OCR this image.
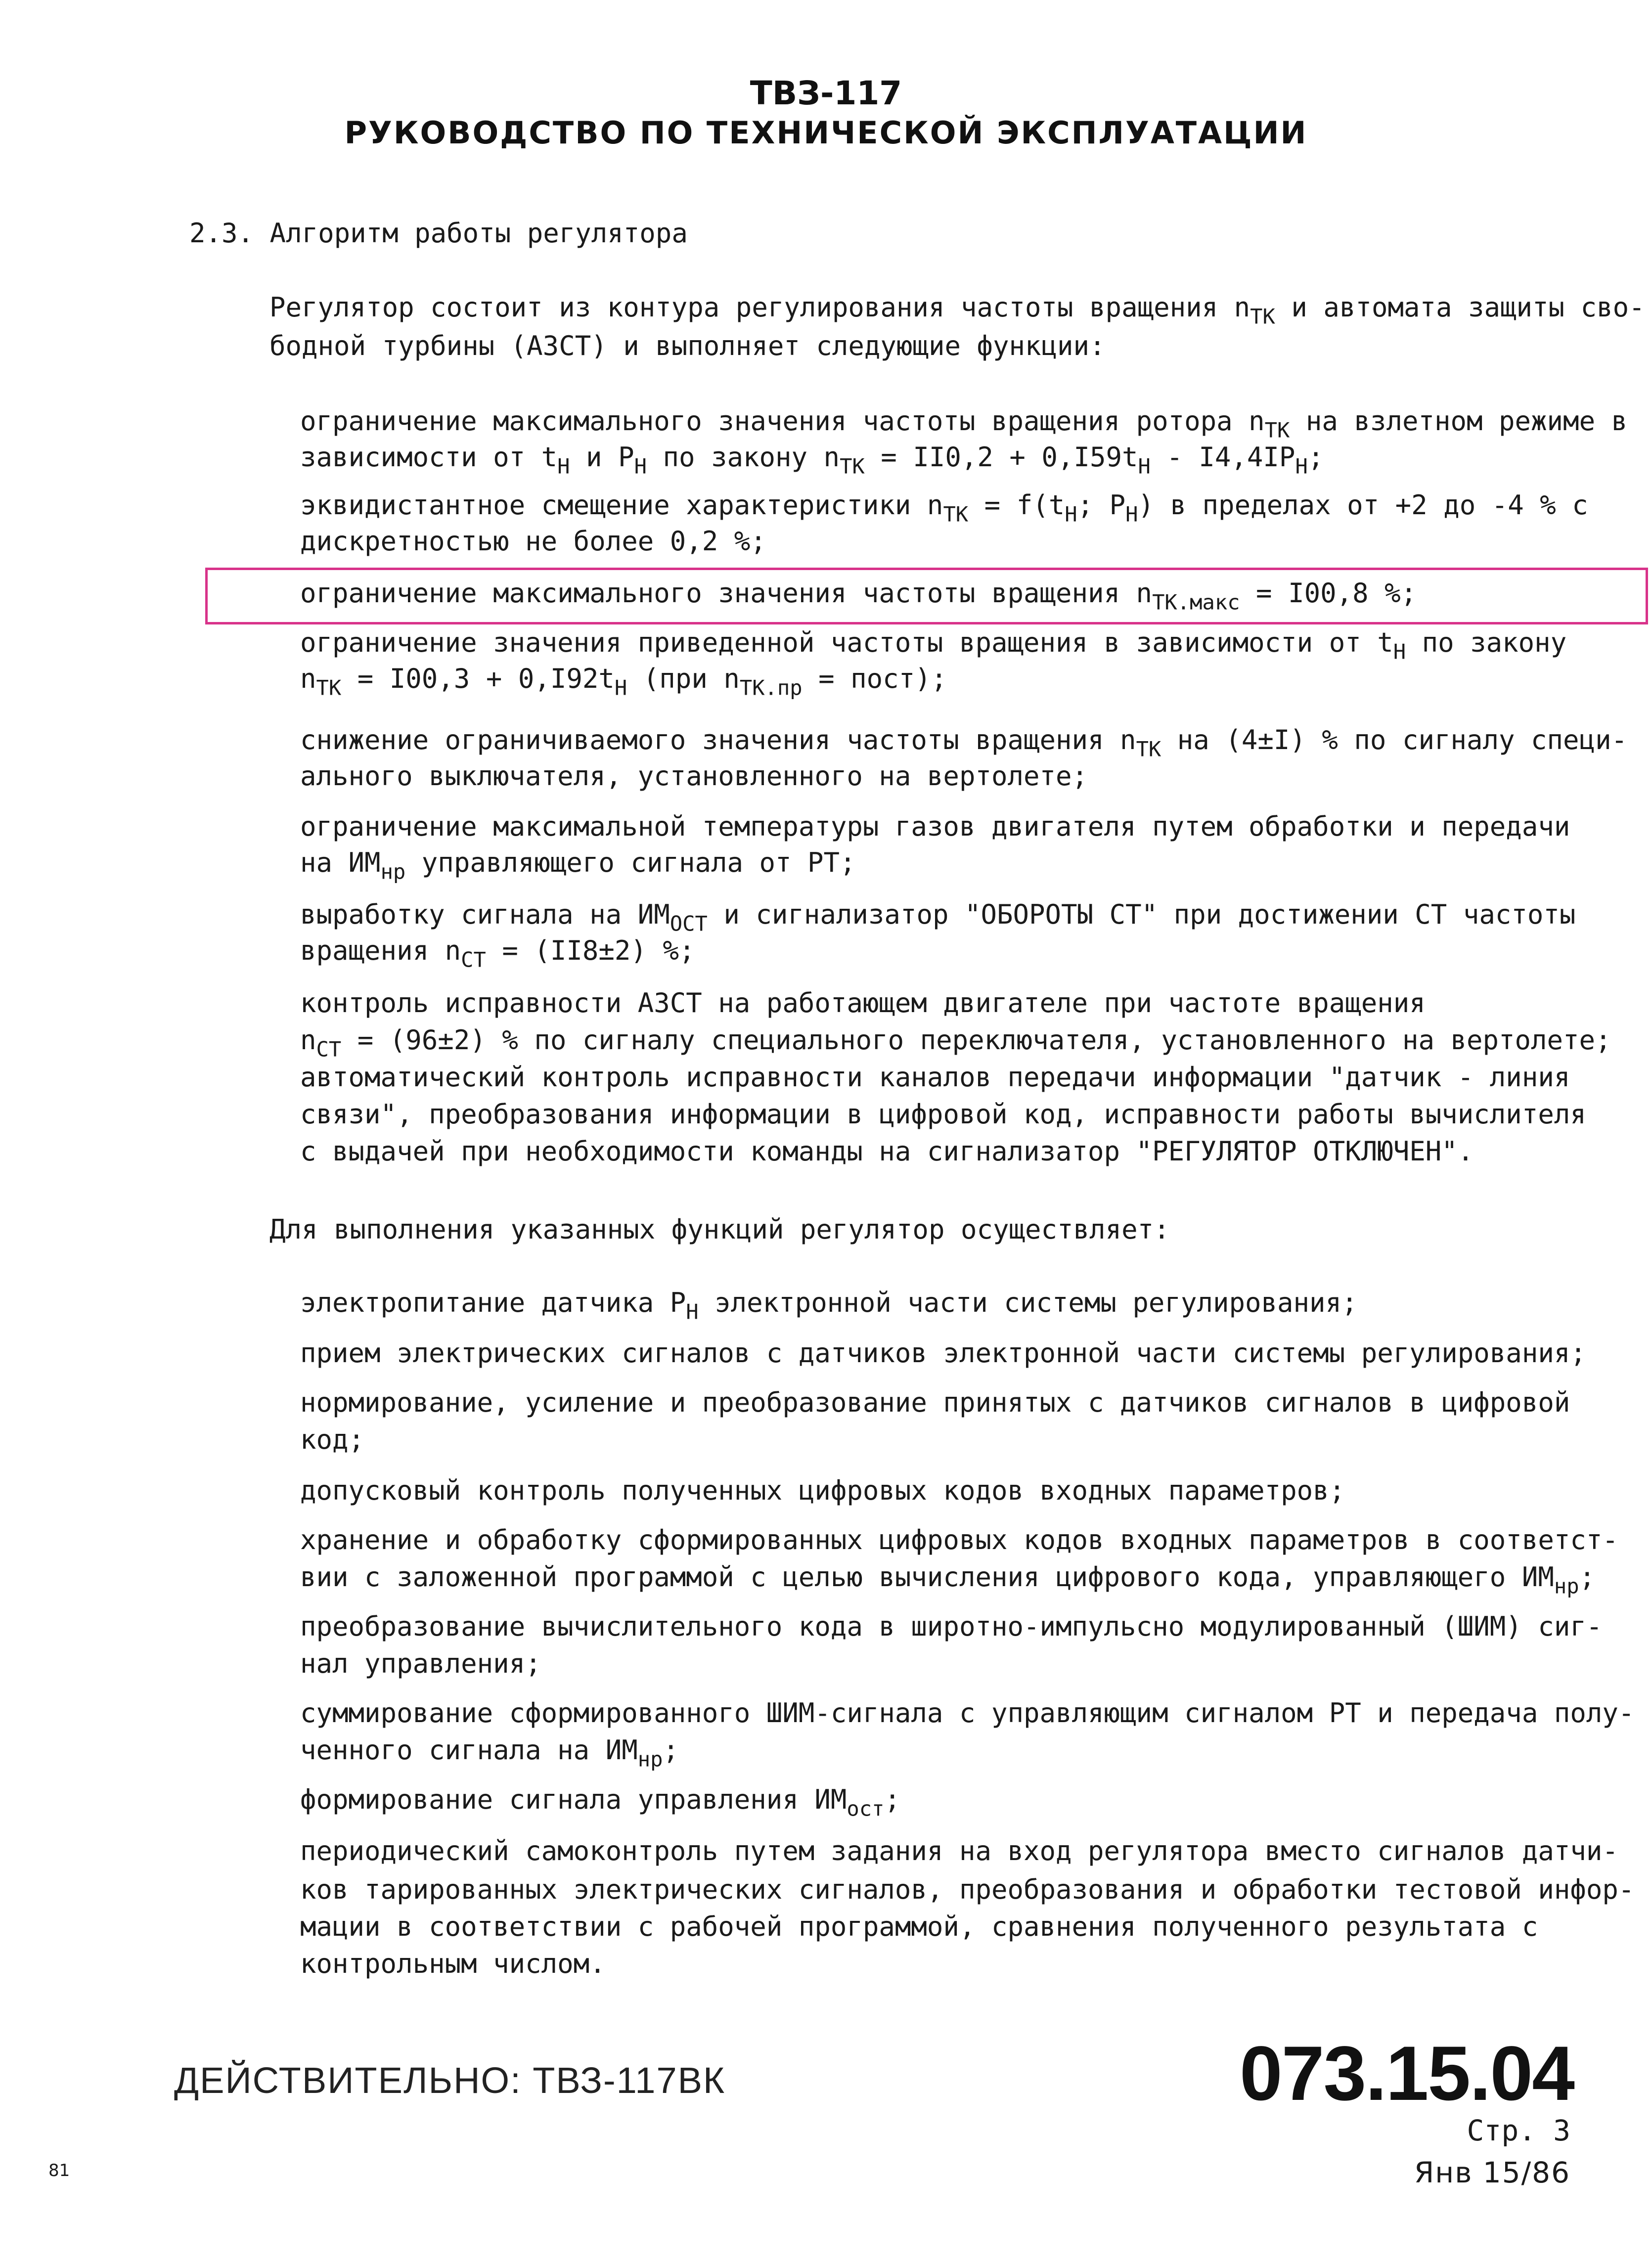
ТВЗ-117
РУКОВОДСТВО ПО ТЕХНИЧЕСКОЙ ЭКСПЛУАТАЦИИ
2.3. Алгоритм работы регулятора
Регулятор состоит из контура регулирования частоты вращения $n_{ТК}$ и автомата защиты сво-
бодной турбины (АЗСТ) и выполняет следующие функции:
ограничение максимального значения частоты вращения ротора $n_{ТК}$ на взлетном режиме в
зависимости от $t_Н$ и $P_Н$ по закону $n_{ТК} = II0,2 + 0,I59t_Н - I4,4IP_Н$;
эквидистантное смещение характеристики $n_{ТК} = f(t_Н$; $P_Н$) в пределах от +2 до -4 % с
дискретностью не более 0,2 %;
ограничение максимального значения частоты вращения $n_{ТК.макс} = I00,8$ %;
ограничение значения приведенной частоты вращения в зависимости от $t_Н$ по закону
$n_{ТК} = I00,3 + 0,I92t_Н$ (при $n_{ТК.пр}$ = пост);
снижение ограничиваемого значения частоты вращения $n_{ТК}$ на (4±I) % по сигналу специ-
ального выключателя, установленного на вертолете;
ограничение максимальной температуры газов двигателя путем обработки и передачи
на $ИМ_{нр}$ управляющего сигнала от РТ;
выработку сигнала на $ИМ_{ОСТ}$ и сигнализатор "ОБОРОТЫ СТ" при достижении СТ частоты
вращения $n_{СТ} = (II8\pm 2)$ %;
контроль исправности АЗСТ на работающем двигателе при частоте вращения
$n_{СТ} = (96\pm 2)$ % по сигналу специального переключателя, установленного на вертолете;
автоматический контроль исправности каналов передачи информации "датчик - линия
связи", преобразования информации в цифровой код, исправности работы вычислителя
с выдачей при необходимости команды на сигнализатор "РЕГУЛЯТОР ОТКЛЮЧЕН".
Для выполнения указанных функций регулятор осуществляет:
электропитание датчика $P_Н$ электронной части системы регулирования;
прием электрических сигналов с датчиков электронной части системы регулирования;
нормирование, усиление и преобразование принятых с датчиков сигналов в цифровой
код;
допусковый контроль полученных цифровых кодов входных параметров;
хранение и обработку сформированных цифровых кодов входных параметров в соответст-
вии с заложенной программой с целью вычисления цифрового кода, управляющего $ИМ_{нр}$;
преобразование вычислительного кода в широтно-импульсно модулированный (ШИМ) сиг-
нал управления;
суммирование сформированного ШИМ-сигнала с управляющим сигналом РТ и передача полу-
ченного сигнала на $ИМ_{нр}$;
формирование сигнала управления $ИМ_{ост}$;
периодический самоконтроль путем задания на вход регулятора вместо сигналов датчи-
ков тарированных электрических сигналов, преобразования и обработки тестовой инфор-
мации в соответствии с рабочей программой, сравнения полученного результата с
контрольным числом.
ДЕЙСТВИТЕЛЬНО: ТВЗ-117ВК	073.15.04
Стр. 3
Янв 15/86
81
